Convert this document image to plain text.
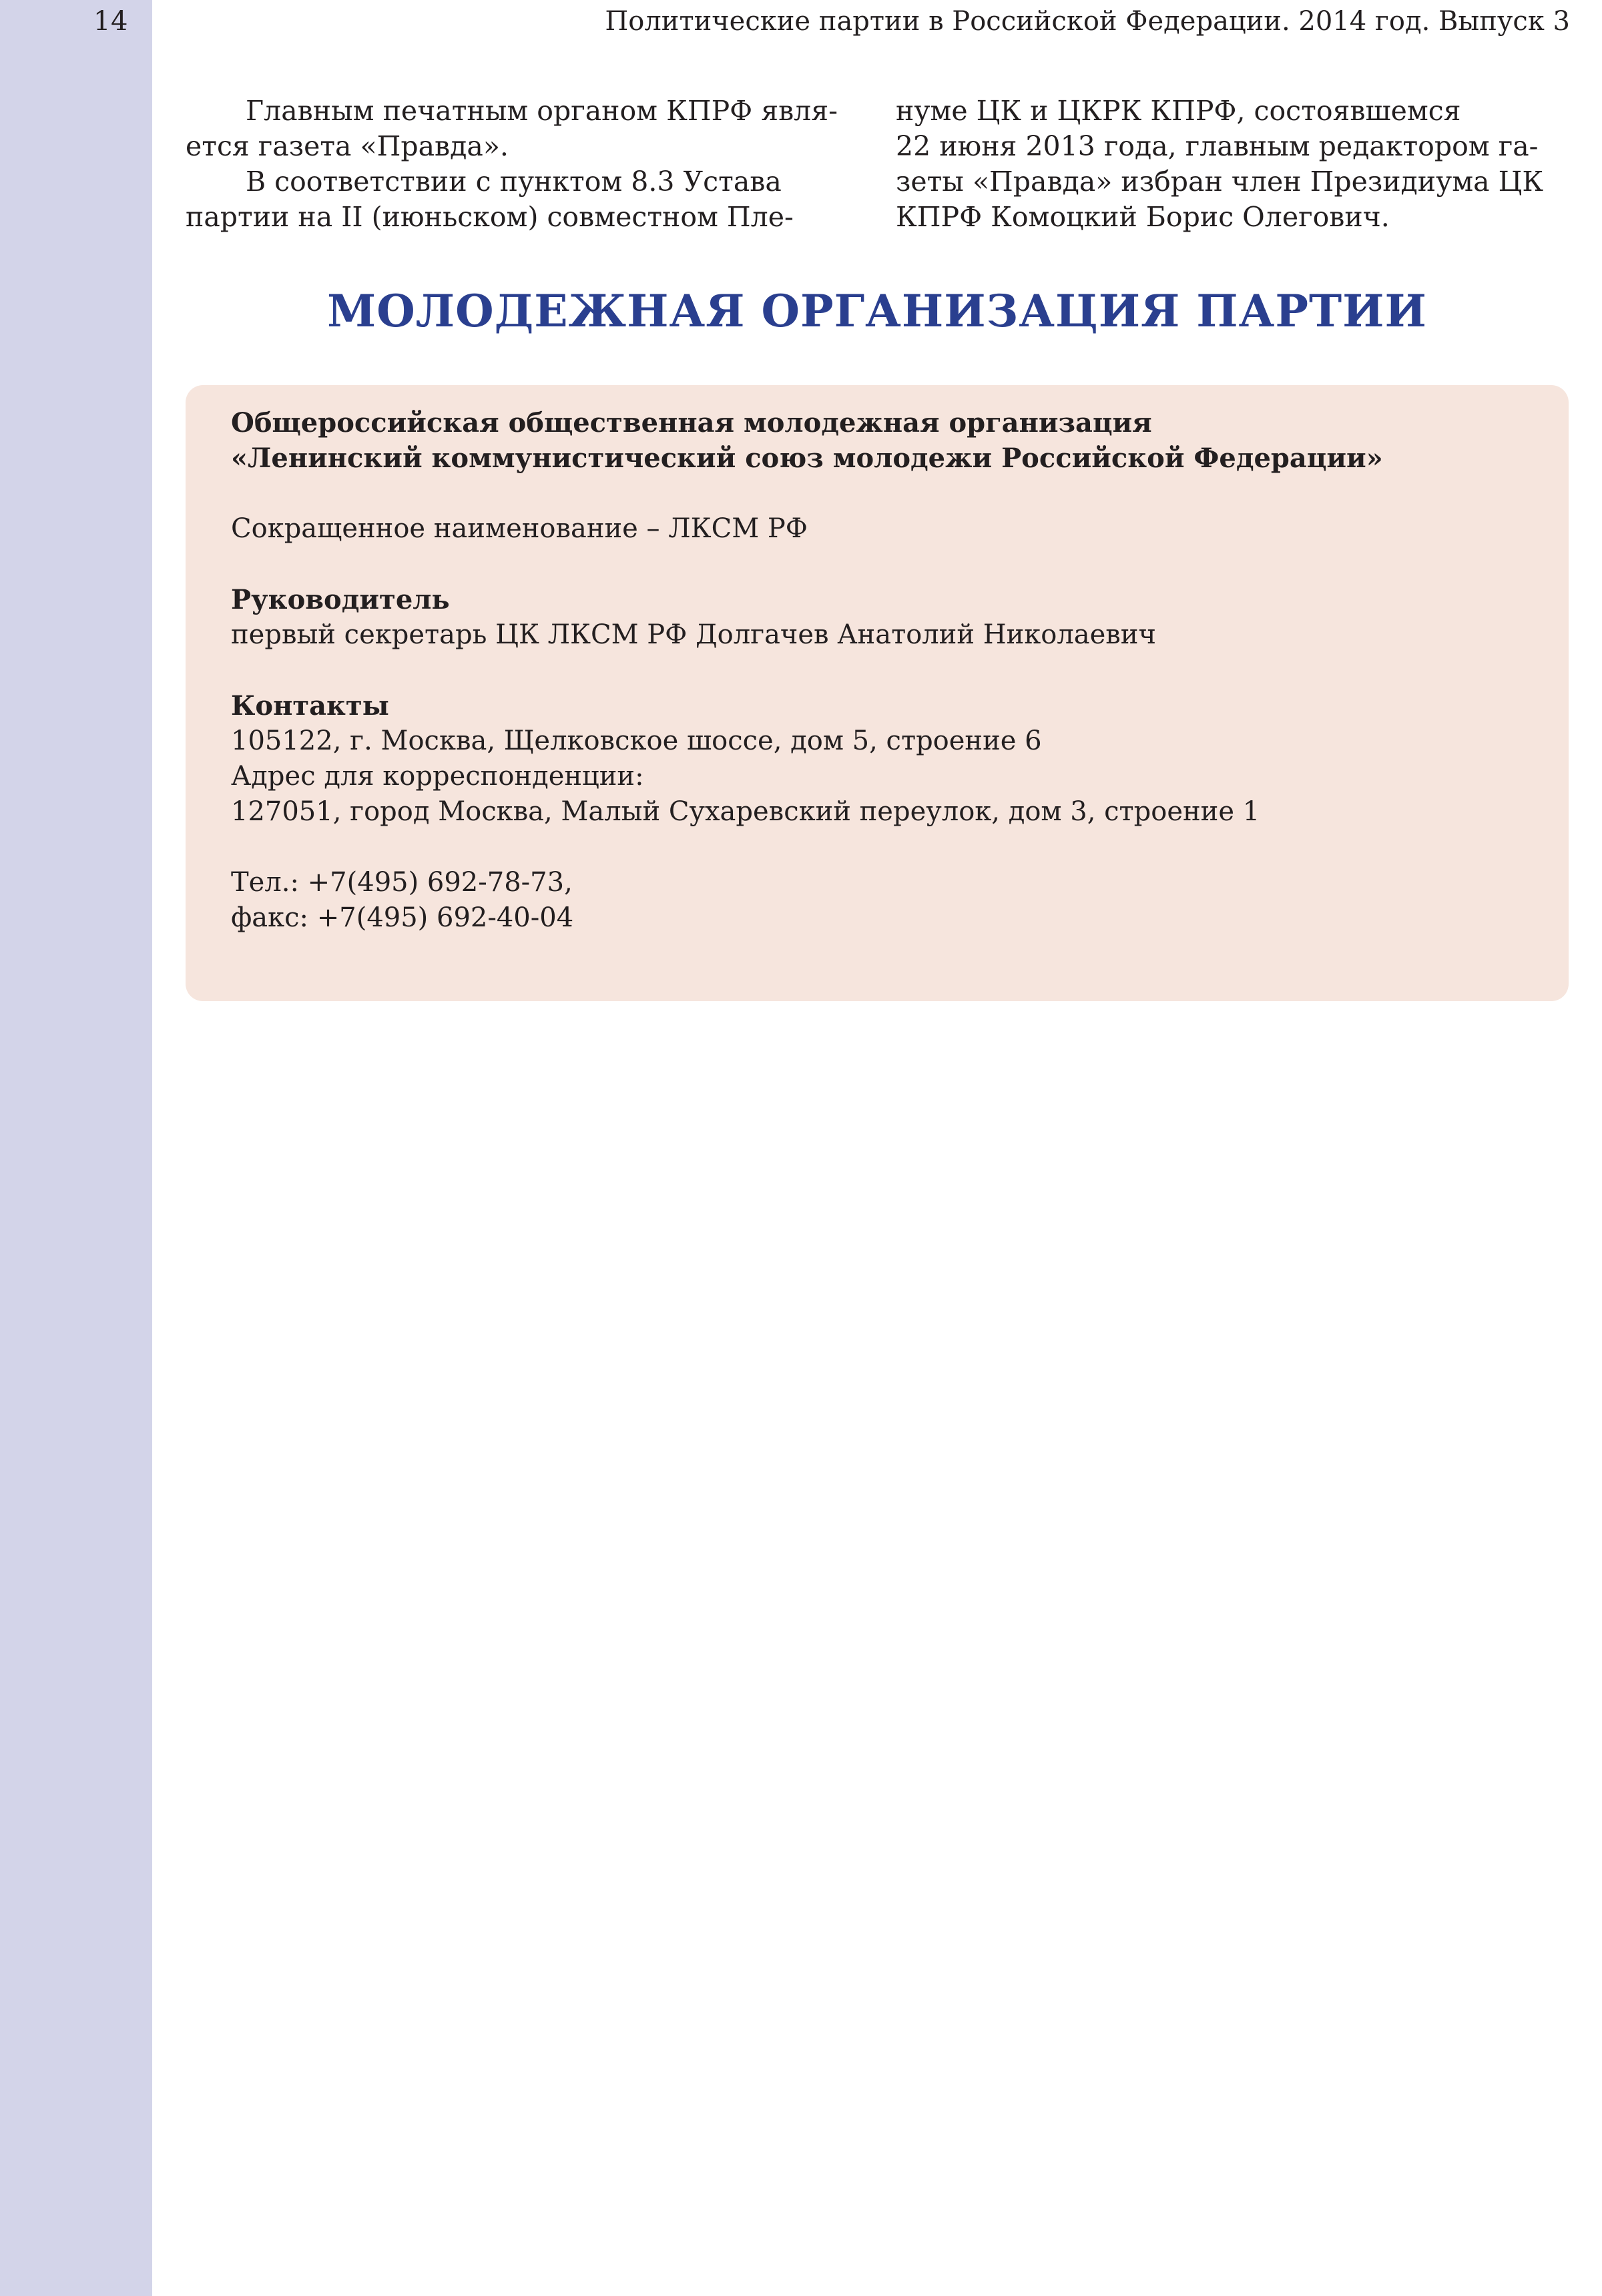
14	Политические партии в Российской Федерации. 2014 год. Выпуск 3

Главным печатным органом КПРФ явля-
ется газета «Правда».

В соответствии с пунктом 8.3 Устава
партии на II (июньском) совместном Пле-

нуме ЦК и ЦКРК КПРФ, состоявшемся
22 июня 2013 года, главным редактором га-
зеты «Правда» избран член Президиума ЦК
КПРФ Комоцкий Борис Олегович.

МОЛОДЕЖНАЯ ОРГАНИЗАЦИЯ ПАРТИИ
Общероссийская общественная молодежная организация
«Ленинский коммунистический союз молодежи Российской Федерации»
Сокращенное наименование – ЛКСМ РФ
Руководитель
первый секретарь ЦК ЛКСМ РФ Долгачев Анатолий Николаевич
Контакты
105122, г. Москва, Щелковское шоссе, дом 5, строение 6
Адрес для корреспонденции:
127051, город Москва, Малый Сухаревский переулок, дом 3, строение 1
Тел.: +7(495) 692-78-73,
факс: +7(495) 692-40-04
